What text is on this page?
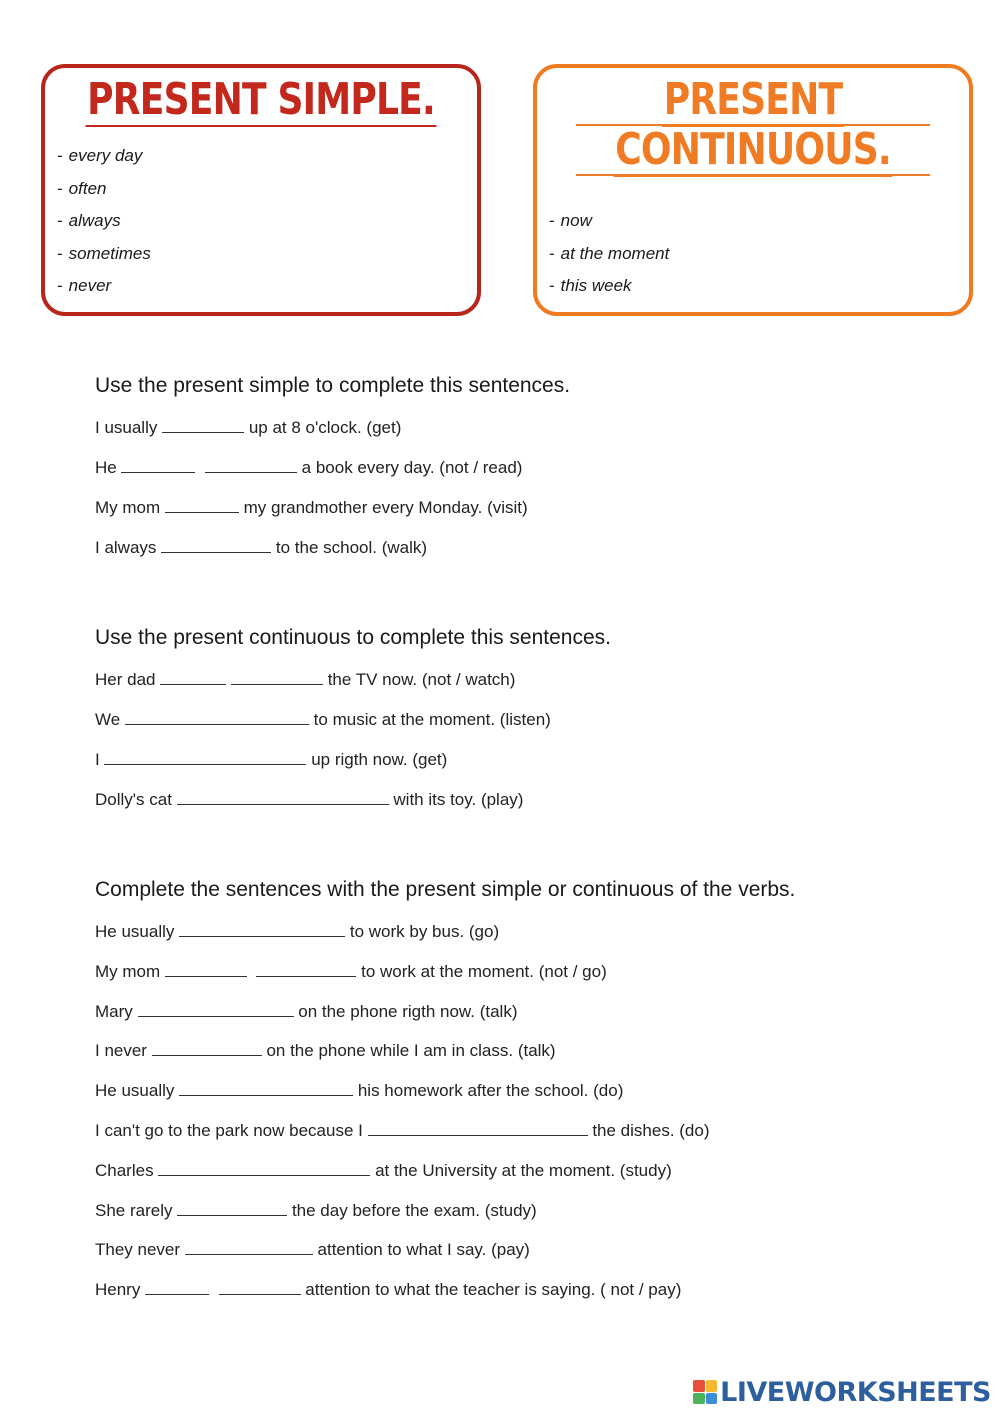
PRESENT SIMPLE.
- every day
- often
- always
- sometimes
- never
PRESENT
CONTINUOUS.
- now
- at the moment
- this week
Use the present simple to complete this sentences.
I usually	up at 8 o'clock. (get)
He	a book every day. (not / read)
My mom	my grandmother every Monday. (visit)
I always	to the school. (walk)
Use the present continuous to complete this sentences.
Her dad	the TV now. (not / watch)
We	to music at the moment. (listen)
I	up rigth now. (get)
Dolly's cat	with its toy. (play)
Complete the sentences with the present simple or continuous of the verbs.
He usually	to work by bus. (go)
My mom	to work at the moment. (not / go)
Mary	on the phone rigth now. (talk)
I never	on the phone while I am in class. (talk)
He usually	his homework after the school. (do)
I can't go to the park now because I	the dishes. (do)
Charles	at the University at the moment. (study)
She rarely	the day before the exam. (study)
They never	attention to what I say. (pay)
Henry	attention to what the teacher is saying. ( not / pay)
LIVEWORKSHEETS
